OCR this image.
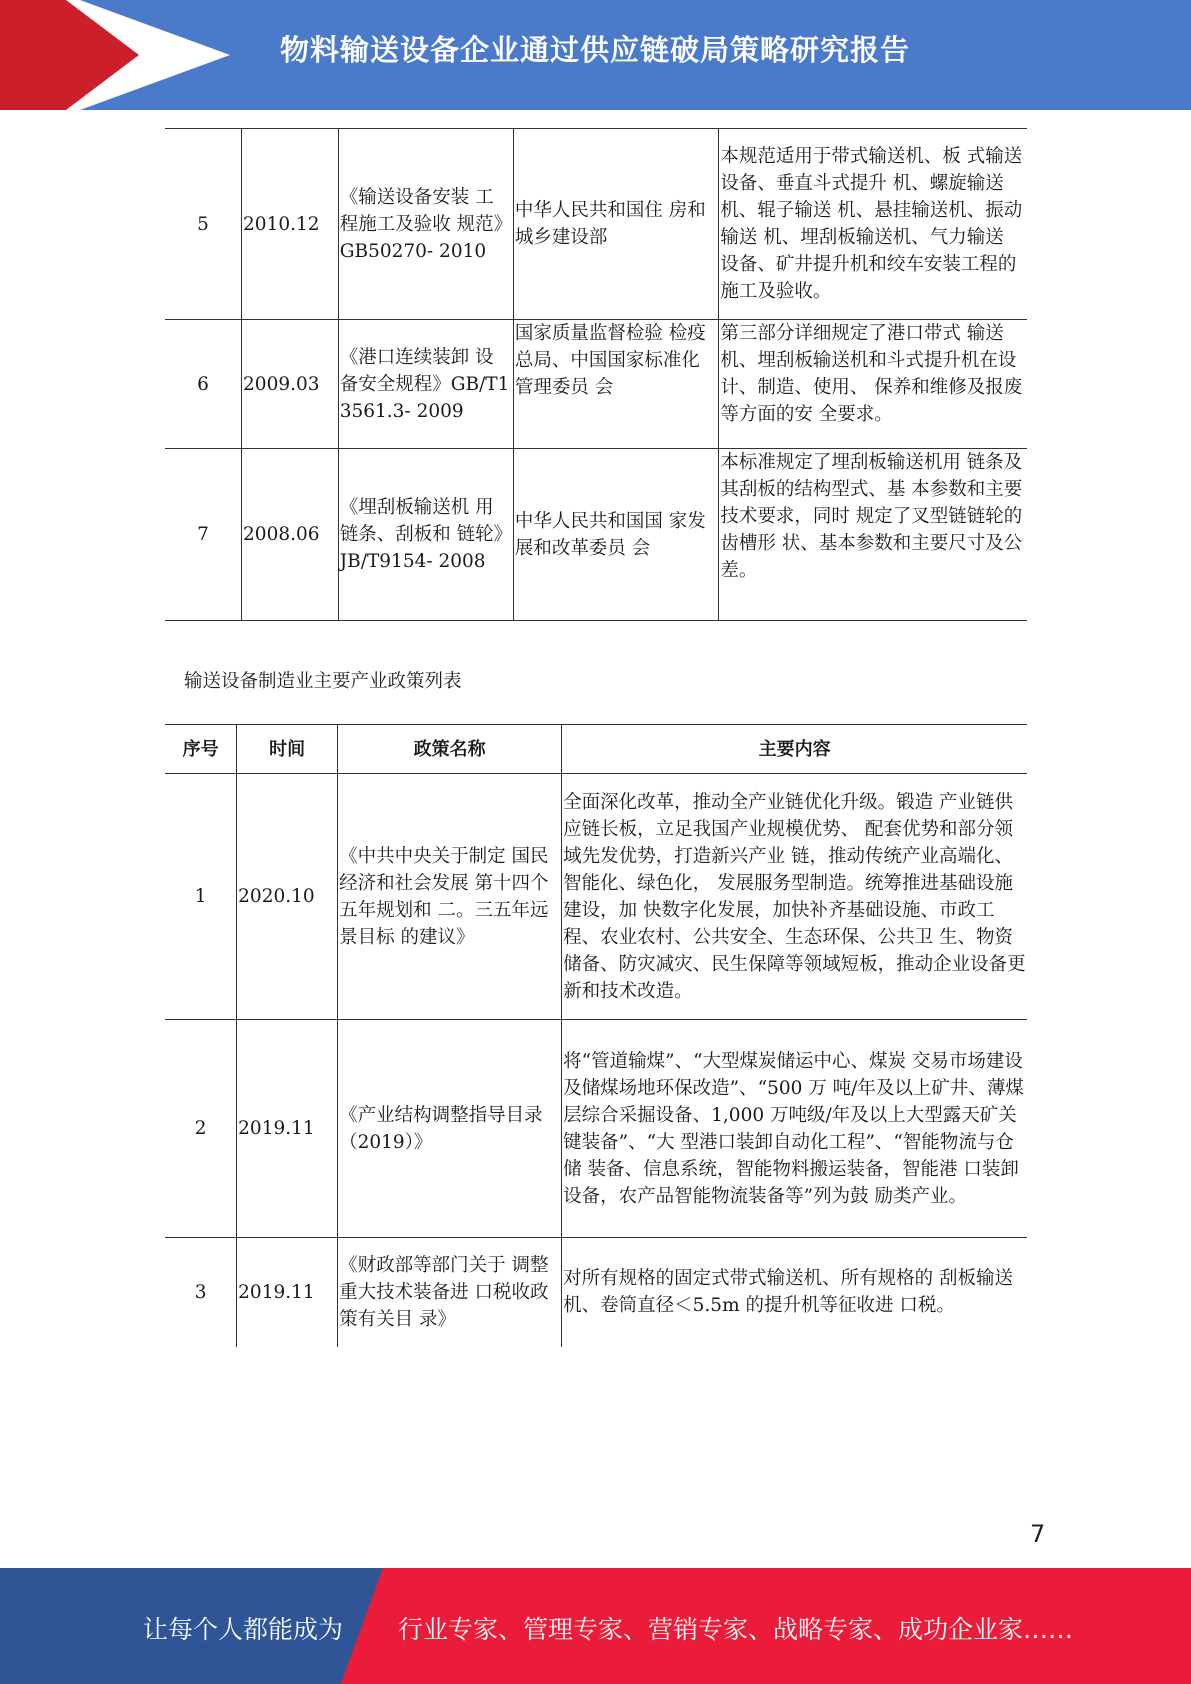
物料输送设备企业通过供应链破局策略研究报告
5	2010.12	《输送设备安装 工程施工及验收 规范》GB50270- 2010	中华人民共和国住 房和城乡建设部	本规范适用于带式输送机、板 式输送设备、垂直斗式提升 机、螺旋输送机、辊子输送 机、悬挂输送机、振动输送 机、埋刮板输送机、气力输送 设备、矿井提升机和绞车安装工程的施工及验收。
6	2009.03	《港口连续装卸 设备安全规程》GB/T13561.3- 2009	国家质量监督检验 检疫总局、中国国家标准化管理委员 会	第三部分详细规定了港口带式 输送机、埋刮板输送机和斗式提升机在设计、制造、使用、 保养和维修及报废等方面的安 全要求。
7	2008.06	《埋刮板输送机 用链条、刮板和 链轮》JB/T9154- 2008	中华人民共和国国 家发展和改革委员 会	本标准规定了埋刮板输送机用 链条及其刮板的结构型式、基 本参数和主要技术要求，同时 规定了叉型链链轮的齿槽形 状、基本参数和主要尺寸及公 差。
输送设备制造业主要产业政策列表
序号	时间	政策名称	主要内容
1	2020.10	《中共中央关于制定 国民经济和社会发展 第十四个五年规划和 二。三五年远景目标 的建议》	全面深化改革，推动全产业链优化升级。锻造 产业链供应链长板，立足我国产业规模优势、 配套优势和部分领域先发优势，打造新兴产业 链，推动传统产业高端化、智能化、绿色化， 发展服务型制造。统筹推进基础设施建设，加 快数字化发展，加快补齐基础设施、市政工 程、农业农村、公共安全、生态环保、公共卫 生、物资储备、防灾减灾、民生保障等领域短板，推动企业设备更新和技术改造。
2	2019.11	《产业结构调整指导目录（2019）》	将“管道输煤”、“大型煤炭储运中心、煤炭 交易市场建设及储煤场地环保改造”、“500 万 吨/年及以上矿井、薄煤层综合采掘设备、1,000 万吨级/年及以上大型露天矿关键装备”、“大 型港口装卸自动化工程”、“智能物流与仓储 装备、信息系统，智能物料搬运装备，智能港 口装卸设备，农产品智能物流装备等”列为鼓 励类产业。
3	2019.11	《财政部等部门关于 调整重大技术装备进 口税收政策有关目 录》	对所有规格的固定式带式输送机、所有规格的 刮板输送机、卷筒直径＜5.5m 的提升机等征收进 口税。
7
让每个人都能成为 行业专家、管理专家、营销专家、战略专家、成功企业家……
